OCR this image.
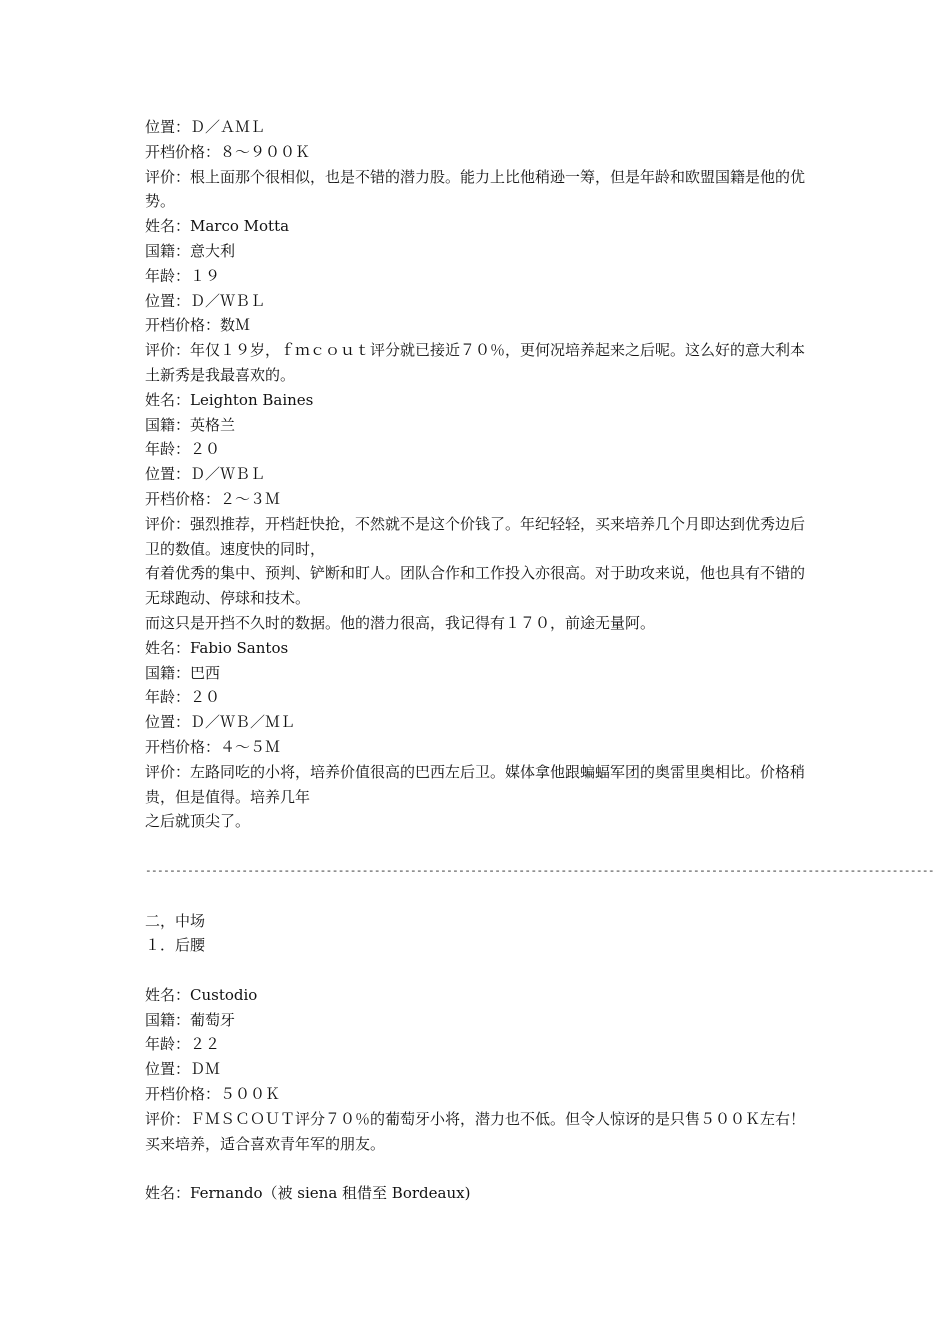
位置：Ｄ／ＡＭＬ

开档价格：８～９００Ｋ

评价：根上面那个很相似，也是不错的潜力股。能力上比他稍逊一筹，但是年龄和欧盟国籍是他的优势。

姓名：Marco Motta

国籍：意大利

年龄：１９

位置：Ｄ／ＷＢＬ

开档价格：数Ｍ

评价：年仅１９岁，ｆｍｃｏｕｔ评分就已接近７０％，更何况培养起来之后呢。这么好的意大利本土新秀是我最喜欢的。

姓名：Leighton Baines

国籍：英格兰

年龄：２０

位置：Ｄ／ＷＢＬ

开档价格：２～３Ｍ

评价：强烈推荐，开档赶快抢，不然就不是这个价钱了。年纪轻轻，买来培养几个月即达到优秀边后卫的数值。速度快的同时，

有着优秀的集中、预判、铲断和盯人。团队合作和工作投入亦很高。对于助攻来说，他也具有不错的无球跑动、停球和技术。

而这只是开挡不久时的数据。他的潜力很高，我记得有１７０，前途无量阿。

姓名：Fabio Santos

国籍：巴西

年龄：２０

位置：Ｄ／ＷＢ／ＭＬ

开档价格：４～５Ｍ

评价：左路同吃的小将，培养价值很高的巴西左后卫。媒体拿他跟蝙蝠军团的奥雷里奥相比。价格稍贵，但是值得。培养几年

之后就顶尖了。

-----------------------------------------------------------------------------------------------------------------------------------

二，中场

１．后腰

姓名：Custodio

国籍：葡萄牙

年龄：２２

位置：ＤＭ

开档价格：５００Ｋ

评价：ＦＭＳＣＯＵＴ评分７０％的葡萄牙小将，潜力也不低。但令人惊讶的是只售５００Ｋ左右！买来培养，适合喜欢青年军的朋友。

姓名：Fernando（被 siena 租借至 Bordeaux)
